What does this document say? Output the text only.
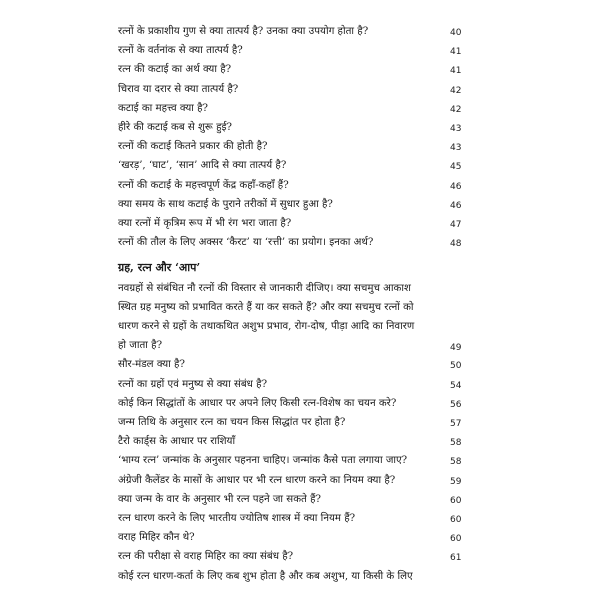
रत्नों के प्रकाशीय गुण से क्या तात्पर्य है? उनका क्या उपयोग होता है?	40
रत्नों के वर्तनांक से क्या तात्पर्य है?	41
रत्न की कटाई का अर्थ क्या है?	41
चिराव या दरार से क्या तात्पर्य है?	42
कटाई का महत्त्व क्या है?	42
हीरे की कटाई कब से शुरू हुई?	43
रत्नों की कटाई कितने प्रकार की होती है?	43
‘खरड़’, ‘घाट’, ‘सान’ आदि से क्या तात्पर्य है?	45
रत्नों की कटाई के महत्त्वपूर्ण केंद्र कहाँ-कहाँ हैं?	46
क्या समय के साथ कटाई के पुराने तरीकों में सुधार हुआ है?	46
क्या रत्नों में कृत्रिम रूप में भी रंग भरा जाता है?	47
रत्नों की तौल के लिए अक्सर ‘कैरट’ या ‘रत्ती’ का प्रयोग। इनका अर्थ?	48
ग्रह, रत्न और ‘आप’
नवग्रहों से संबंधित नौ रत्नों की विस्तार से जानकारी दीजिए। क्या सचमुच आकाश
स्थित ग्रह मनुष्य को प्रभावित करते हैं या कर सकते हैं? और क्या सचमुच रत्नों को
धारण करने से ग्रहों के तथाकथित अशुभ प्रभाव, रोग-दोष, पीड़ा आदि का निवारण
हो जाता है?	49
सौर-मंडल क्या है?	50
रत्नों का ग्रहों एवं मनुष्य से क्या संबंध है?	54
कोई किन सिद्धांतों के आधार पर अपने लिए किसी रत्न-विशेष का चयन करे?	56
जन्म तिथि के अनुसार रत्न का चयन किस सिद्धांत पर होता है?	57
टैरो कार्ड्स के आधार पर राशियाँ	58
‘भाग्य रत्न’ जन्मांक के अनुसार पहनना चाहिए। जन्मांक कैसे पता लगाया जाए?	58
अंग्रेजी कैलेंडर के मासों के आधार पर भी रत्न धारण करने का नियम क्या है?	59
क्या जन्म के वार के अनुसार भी रत्न पहने जा सकते हैं?	60
रत्न धारण करने के लिए भारतीय ज्योतिष शास्त्र में क्या नियम हैं?	60
वराह मिहिर कौन थे?	60
रत्न की परीक्षा से वराह मिहिर का क्या संबंध है?	61
कोई रत्न धारण-कर्ता के लिए कब शुभ होता है और कब अशुभ, या किसी के लिए
